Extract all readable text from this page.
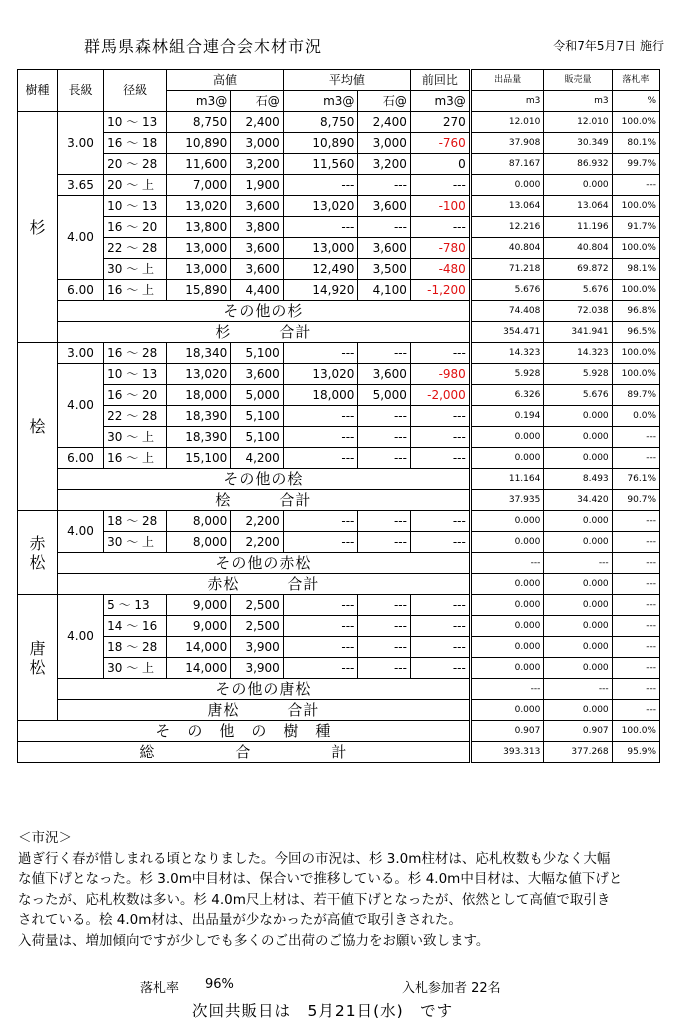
群馬県森林組合連合会木材市況	令和7年5月7日 施行
樹種	長級	径級	高値		平均値		前回比	出品量	販売量	落札率
			m3@	石@	m3@	石@	m3@	m3	m3	%
杉	3.00	10 ～ 13	8,750	2,400	8,750	2,400	270	12.010	12.010	100.0%
		16 ～ 18	10,890	3,000	10,890	3,000	-760	37.908	30.349	80.1%
		20 ～ 28	11,600	3,200	11,560	3,200	0	87.167	86.932	99.7%
	3.65	20 ～ 上	7,000	1,900	---	---	---	0.000	0.000	---
	4.00	10 ～ 13	13,020	3,600	13,020	3,600	-100	13.064	13.064	100.0%
		16 ～ 20	13,800	3,800	---	---	---	12.216	11.196	91.7%
		22 ～ 28	13,000	3,600	13,000	3,600	-780	40.804	40.804	100.0%
		30 ～ 上	13,000	3,600	12,490	3,500	-480	71.218	69.872	98.1%
	6.00	16 ～ 上	15,890	4,400	14,920	4,100	-1,200	5.676	5.676	100.0%
	その他の杉							74.408	72.038	96.8%
	杉　　　 合計							354.471	341.941	96.5%
桧	3.00	16 ～ 28	18,340	5,100	---	---	---	14.323	14.323	100.0%
	4.00	10 ～ 13	13,020	3,600	13,020	3,600	-980	5.928	5.928	100.0%
		16 ～ 20	18,000	5,000	18,000	5,000	-2,000	6.326	5.676	89.7%
		22 ～ 28	18,390	5,100	---	---	---	0.194	0.000	0.0%
		30 ～ 上	18,390	5,100	---	---	---	0.000	0.000	---
	6.00	16 ～ 上	15,100	4,200	---	---	---	0.000	0.000	---
	その他の桧							11.164	8.493	76.1%
	桧　　　 合計							37.935	34.420	90.7%

赤
松	4.00	18 ～ 28	8,000	2,200	---	---	---	0.000	0.000	---
		30 ～ 上	8,000	2,200	---	---	---	0.000	0.000	---
	その他の赤松							---	---	---
	赤松　　　 合計							0.000	0.000	---

唐
松	4.00	5 ～ 13	9,000	2,500	---	---	---	0.000	0.000	---
		14 ～ 16	9,000	2,500	---	---	---	0.000	0.000	---
		18 ～ 28	14,000	3,900	---	---	---	0.000	0.000	---
		30 ～ 上	14,000	3,900	---	---	---	0.000	0.000	---
	その他の唐松							---	---	---
	唐松　　　 合計							0.000	0.000	---
そ　の　他　の　樹　種								0.907	0.907	100.0%
総　　　　　 合　　　　　 計								393.313	377.268	95.9%
＜市況＞
過ぎ行く春が惜しまれる頃となりました。今回の市況は、杉 3.0m柱材は、応札枚数も少なく大幅
な値下げとなった。杉 3.0m中目材は、保合いで推移している。杉 4.0m中目材は、大幅な値下げと
なったが、応札枚数は多い。杉 4.0m尺上材は、若干値下げとなったが、依然として高値で取引き
されている。桧 4.0m材は、出品量が少なかったが高値で取引きされた。
入荷量は、増加傾向ですが少しでも多くのご出荷のご協力をお願い致します。
落札率 96%	入札参加者 22名
次回共販日は　5月21日(水)　です
